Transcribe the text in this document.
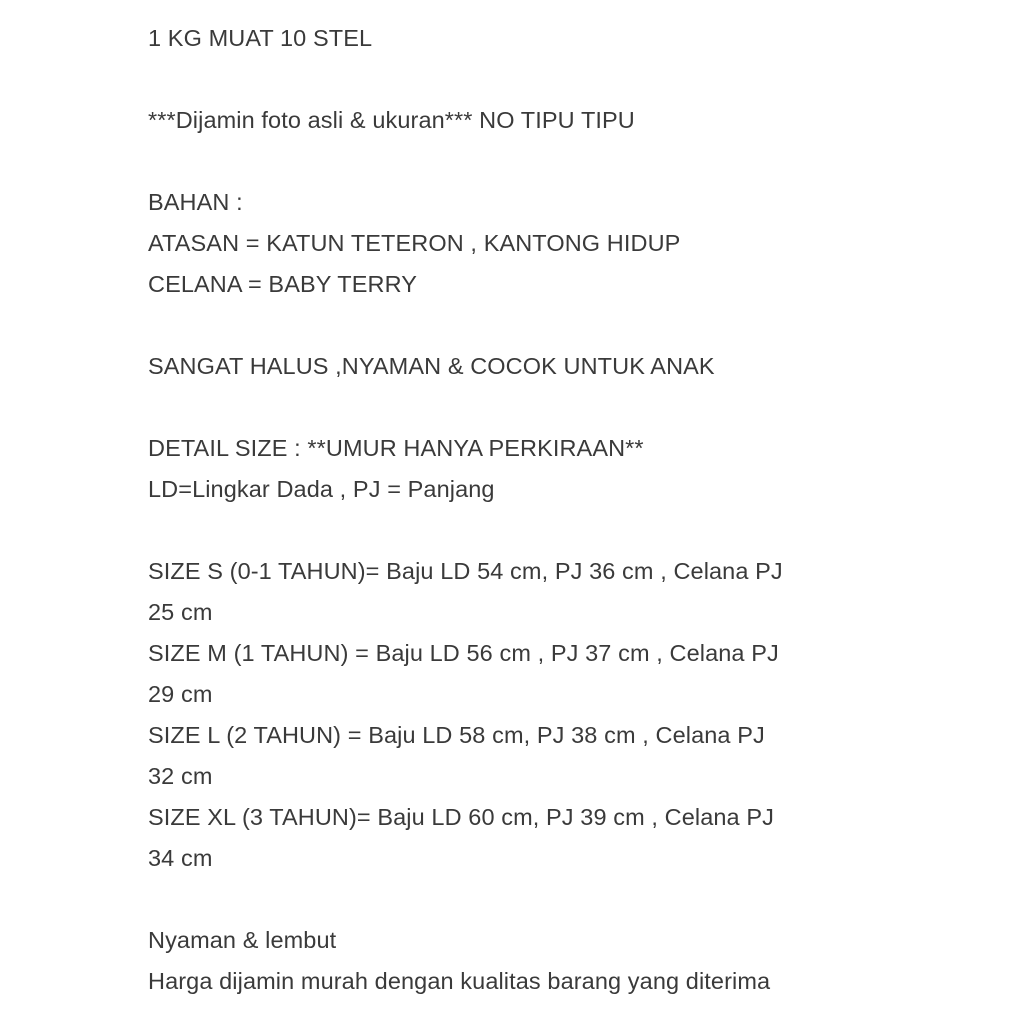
1 KG MUAT 10 STEL
***Dijamin foto asli & ukuran*** NO TIPU TIPU
BAHAN :
ATASAN = KATUN TETERON , KANTONG HIDUP
CELANA = BABY TERRY
SANGAT HALUS ,NYAMAN & COCOK UNTUK ANAK
DETAIL SIZE : **UMUR HANYA PERKIRAAN**
LD=Lingkar Dada , PJ = Panjang
SIZE S (0-1 TAHUN)= Baju LD 54 cm, PJ 36 cm , Celana PJ
25 cm
SIZE M (1 TAHUN) = Baju LD 56 cm , PJ 37 cm , Celana PJ
29 cm
SIZE L (2 TAHUN) = Baju LD 58 cm, PJ 38 cm , Celana PJ
32 cm
SIZE XL (3 TAHUN)= Baju LD 60 cm, PJ 39 cm , Celana PJ
34 cm
Nyaman & lembut
Harga dijamin murah dengan kualitas barang yang diterima
